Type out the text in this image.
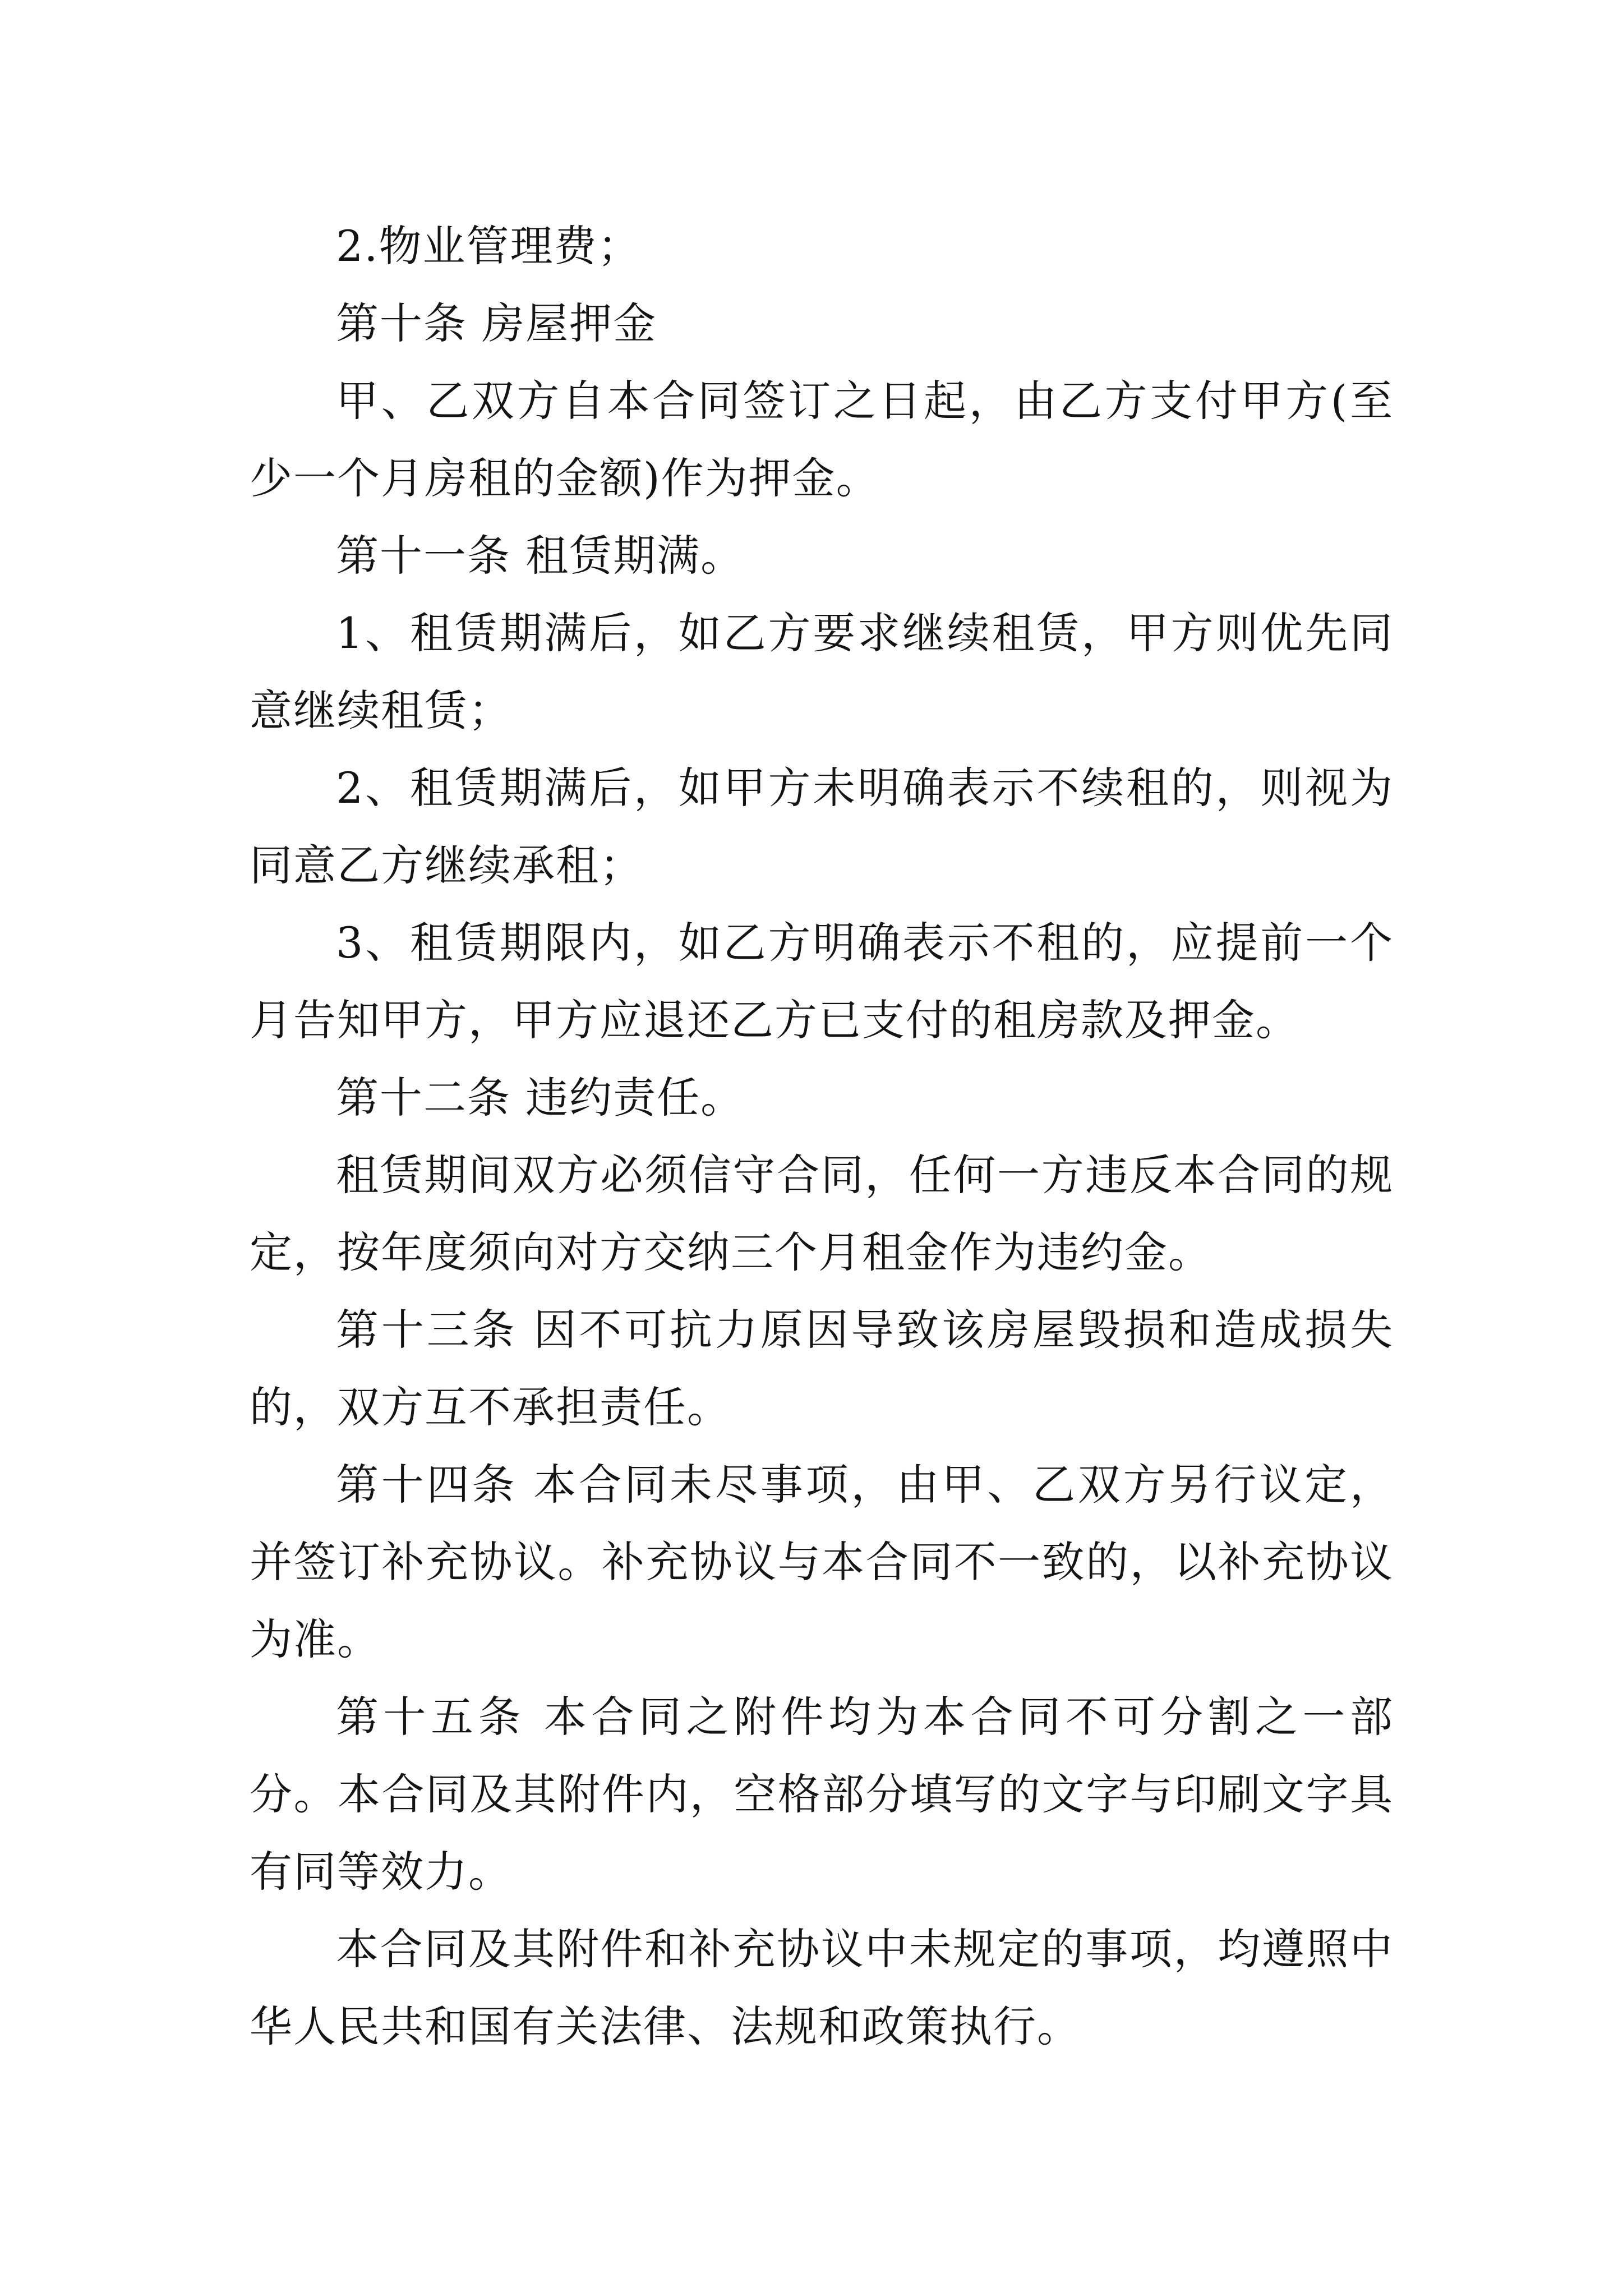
2.物业管理费；

第十条 房屋押金

甲、乙双方自本合同签订之日起，由乙方支付甲方(至少一个月房租的金额)作为押金。

第十一条 租赁期满。

1、租赁期满后，如乙方要求继续租赁，甲方则优先同意继续租赁；

2、租赁期满后，如甲方未明确表示不续租的，则视为同意乙方继续承租；

3、租赁期限内，如乙方明确表示不租的，应提前一个月告知甲方，甲方应退还乙方已支付的租房款及押金。

第十二条 违约责任。

租赁期间双方必须信守合同，任何一方违反本合同的规定，按年度须向对方交纳三个月租金作为违约金。

第十三条 因不可抗力原因导致该房屋毁损和造成损失的，双方互不承担责任。

第十四条 本合同未尽事项，由甲、乙双方另行议定，并签订补充协议。补充协议与本合同不一致的，以补充协议为准。

第十五条 本合同之附件均为本合同不可分割之一部分。本合同及其附件内，空格部分填写的文字与印刷文字具有同等效力。

本合同及其附件和补充协议中未规定的事项，均遵照中华人民共和国有关法律、法规和政策执行。
